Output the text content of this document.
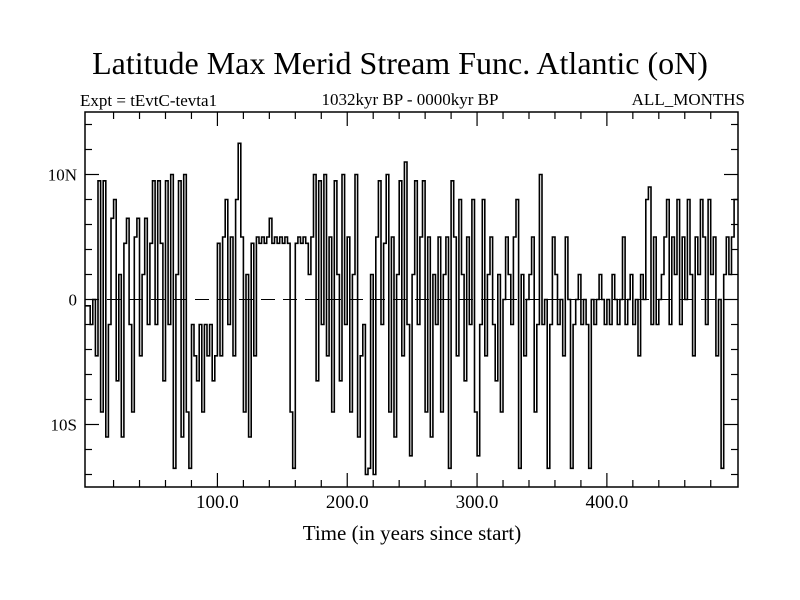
Latitude Max Merid Stream Func. Atlantic (oN)
Expt = tEvtC-tevta1	1032kyr BP - 0000kyr BP	ALL_MONTHS
100.0	200.0	300.0	400.0
10N
0
10S
Time (in years since start)
